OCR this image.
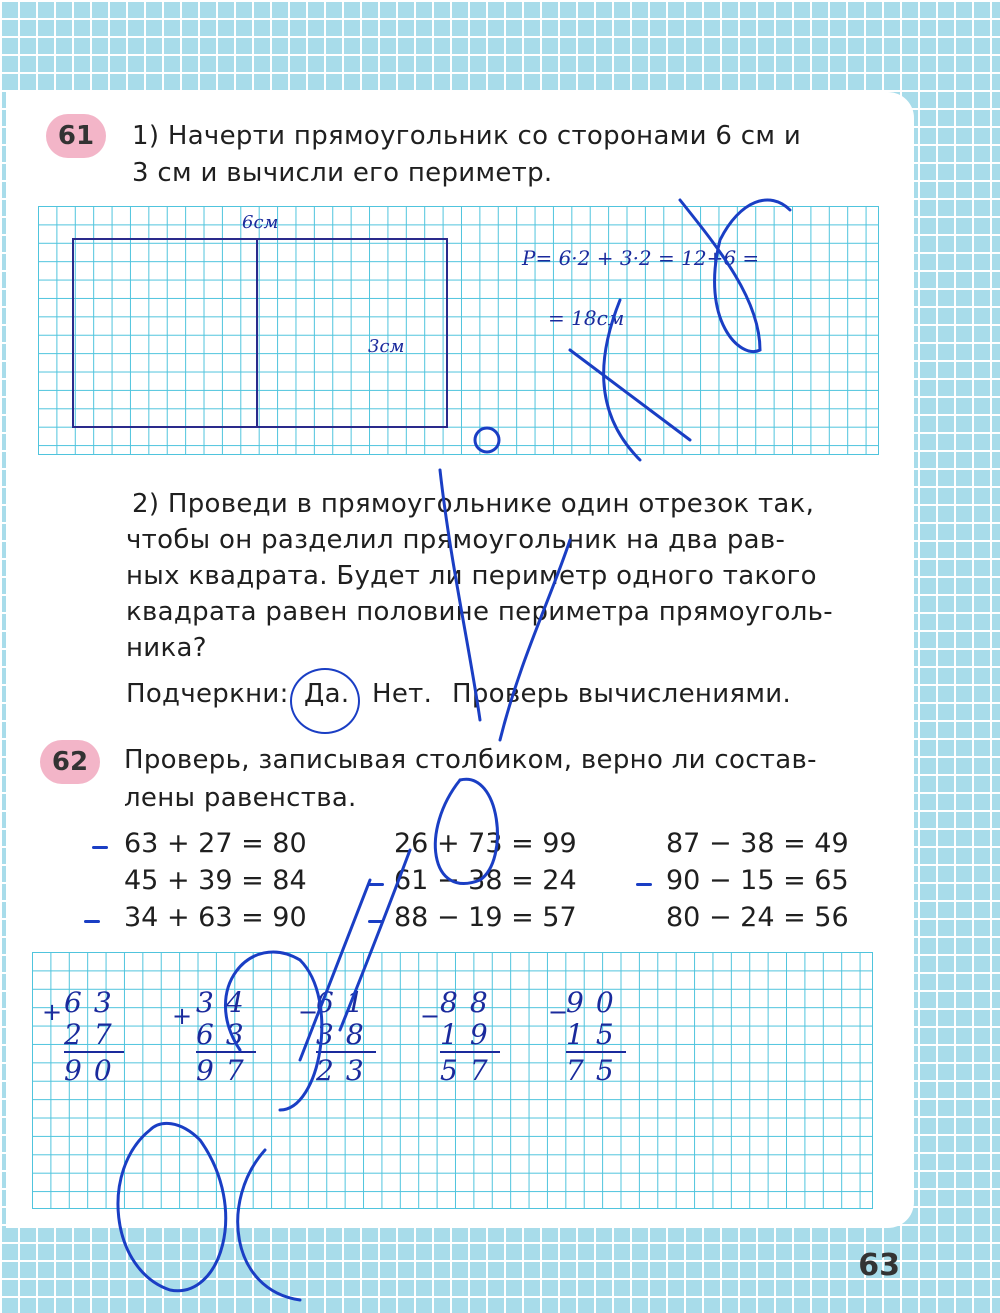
61 1) Начерти прямоугольник со сторонами 6 см и
3 см и вычисли его периметр.
6см
3см
P= 6·2 + 3·2 = 12+6 =
= 18см
2) Проведи в прямоугольнике один отрезок так,
чтобы он разделил прямоугольник на два рав-
ных квадрата. Будет ли периметр одного такого
квадрата равен половине периметра прямоуголь-
ника?
Подчеркни: Да. Нет. Проверь вычислениями.
62 Проверь, записывая столбиком, верно ли состав-
лены равенства.
63 + 27 = 80	26 + 73 = 99	87 − 38 = 49
45 + 39 = 84	61 − 38 = 24	90 − 15 = 65
34 + 63 = 90	88 − 19 = 57	80 − 24 = 56
+ 63
27
90
+ 34
63
97
−
61
38
23
− 88
19
57
−
90
15
75
63
